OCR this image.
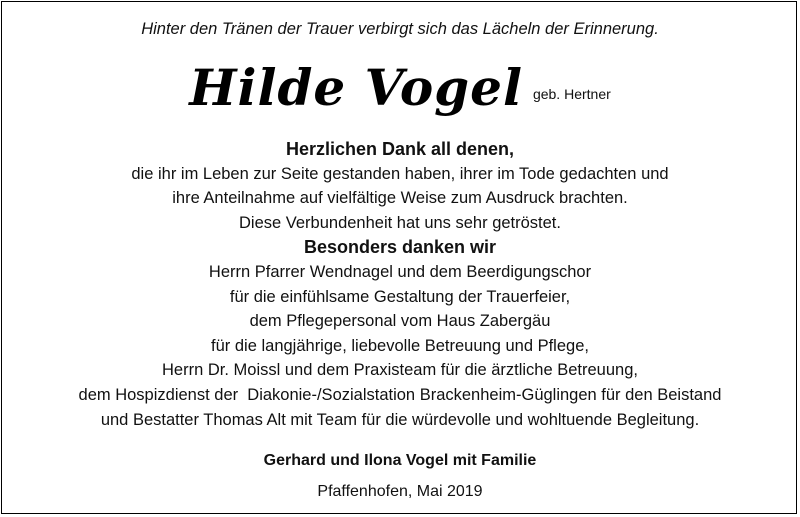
Hinter den Tränen der Trauer verbirgt sich das Lächeln der Erinnerung.
Hilde Vogel geb. Hertner
Herzlichen Dank all denen,
die ihr im Leben zur Seite gestanden haben, ihrer im Tode gedachten und
ihre Anteilnahme auf vielfältige Weise zum Ausdruck brachten.
Diese Verbundenheit hat uns sehr getröstet.
Besonders danken wir
Herrn Pfarrer Wendnagel und dem Beerdigungschor
für die einfühlsame Gestaltung der Trauerfeier,
dem Pflegepersonal vom Haus Zabergäu
für die langjährige, liebevolle Betreuung und Pflege,
Herrn Dr. Moissl und dem Praxisteam für die ärztliche Betreuung,
dem Hospizdienst der  Diakonie-/Sozialstation Brackenheim-Güglingen für den Beistand
und Bestatter Thomas Alt mit Team für die würdevolle und wohltuende Begleitung.
Gerhard und Ilona Vogel mit Familie
Pfaffenhofen, Mai 2019
